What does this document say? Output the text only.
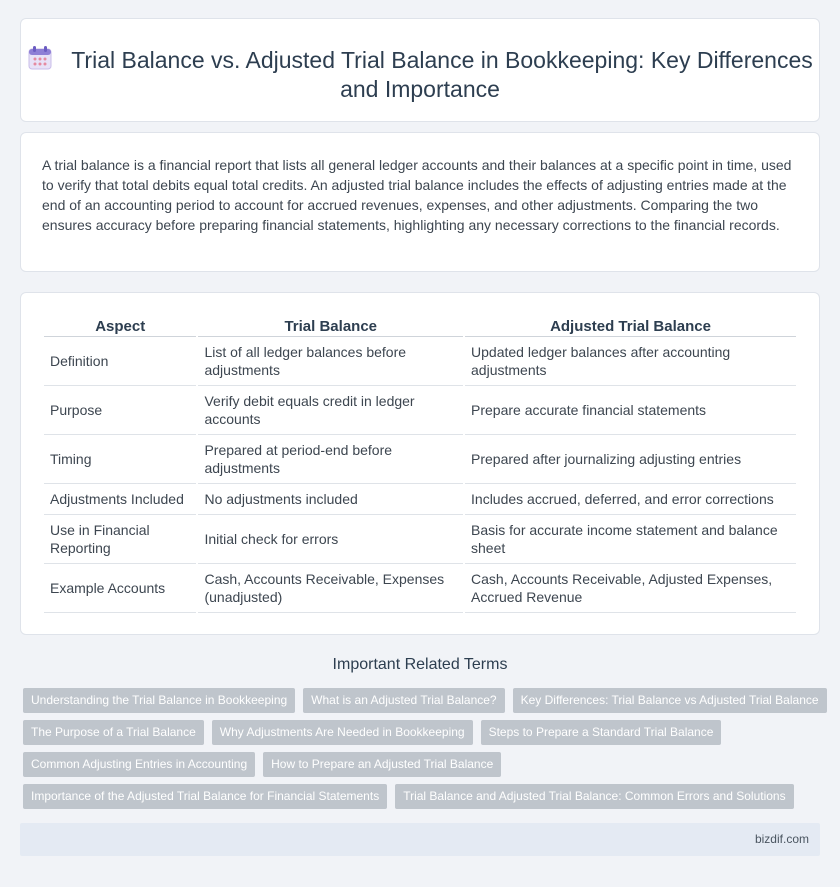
Trial Balance vs. Adjusted Trial Balance in Bookkeeping: Key Differences and Importance

A trial balance is a financial report that lists all general ledger accounts and their balances at a specific point in time, used to verify that total debits equal total credits. An adjusted trial balance includes the effects of adjusting entries made at the end of an accounting period to account for accrued revenues, expenses, and other adjustments. Comparing the two ensures accuracy before preparing financial statements, highlighting any necessary corrections to the financial records.

Aspect	Trial Balance	Adjusted Trial Balance
Definition	List of all ledger balances before adjustments	Updated ledger balances after accounting adjustments
Purpose	Verify debit equals credit in ledger accounts	Prepare accurate financial statements
Timing	Prepared at period-end before adjustments	Prepared after journalizing adjusting entries
Adjustments Included	No adjustments included	Includes accrued, deferred, and error corrections
Use in Financial Reporting	Initial check for errors	Basis for accurate income statement and balance sheet
Example Accounts	Cash, Accounts Receivable, Expenses (unadjusted)	Cash, Accounts Receivable, Adjusted Expenses, Accrued Revenue
Important Related Terms
Understanding the Trial Balance in Bookkeeping	What is an Adjusted Trial Balance?	Key Differences: Trial Balance vs Adjusted Trial Balance
The Purpose of a Trial Balance	Why Adjustments Are Needed in Bookkeeping	Steps to Prepare a Standard Trial Balance
Common Adjusting Entries in Accounting	How to Prepare an Adjusted Trial Balance
Importance of the Adjusted Trial Balance for Financial Statements	Trial Balance and Adjusted Trial Balance: Common Errors and Solutions
bizdif.com
